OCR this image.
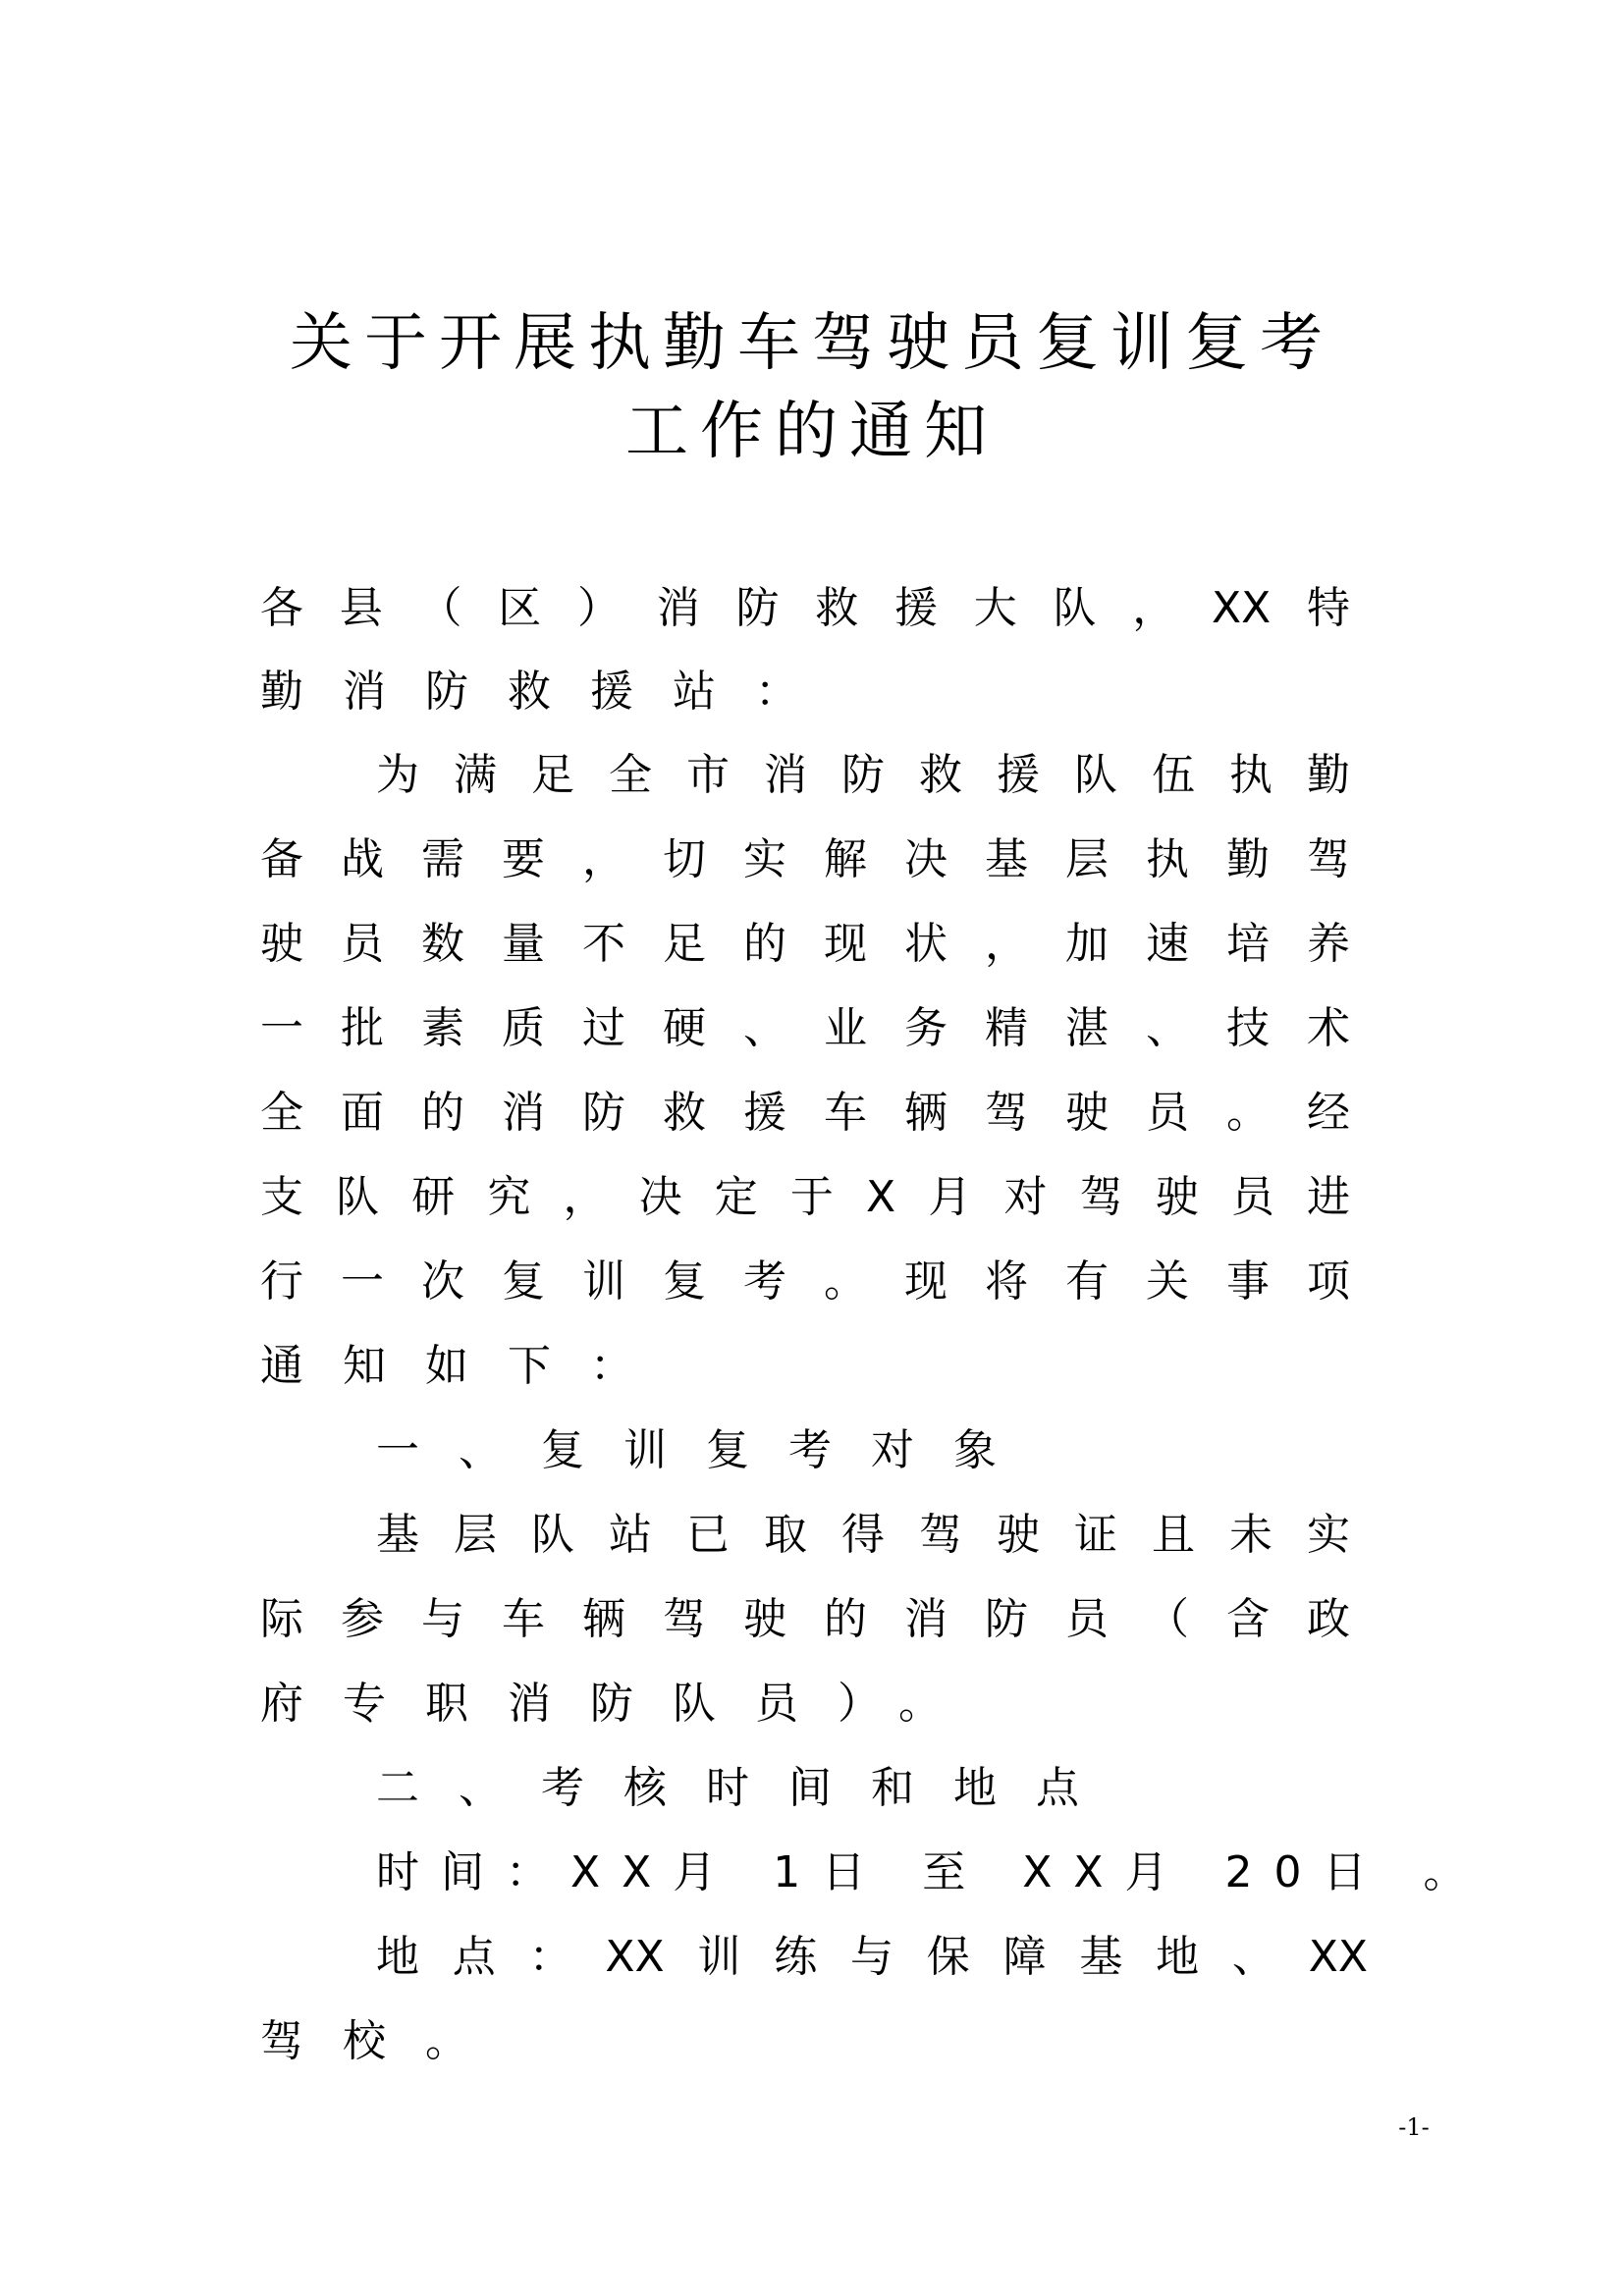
关于开展执勤车驾驶员复训复考
工作的通知
各县（区）消防救援大队，XX特
勤消防救援站：
为满足全市消防救援队伍执勤
备战需要，切实解决基层执勤驾
驶员数量不足的现状，加速培养
一批素质过硬、业务精湛、技术
全面的消防救援车辆驾驶员。经
支队研究，决定于X月对驾驶员进
行一次复训复考。现将有关事项
通知如下：
一、复训复考对象
基层队站已取得驾驶证且未实
际参与车辆驾驶的消防员（含政
府专职消防队员）。
二、考核时间和地点
时间：XX月 1日 至 XX月 20日 。
地点：XX训练与保障基地、XX
驾校。
-1-
